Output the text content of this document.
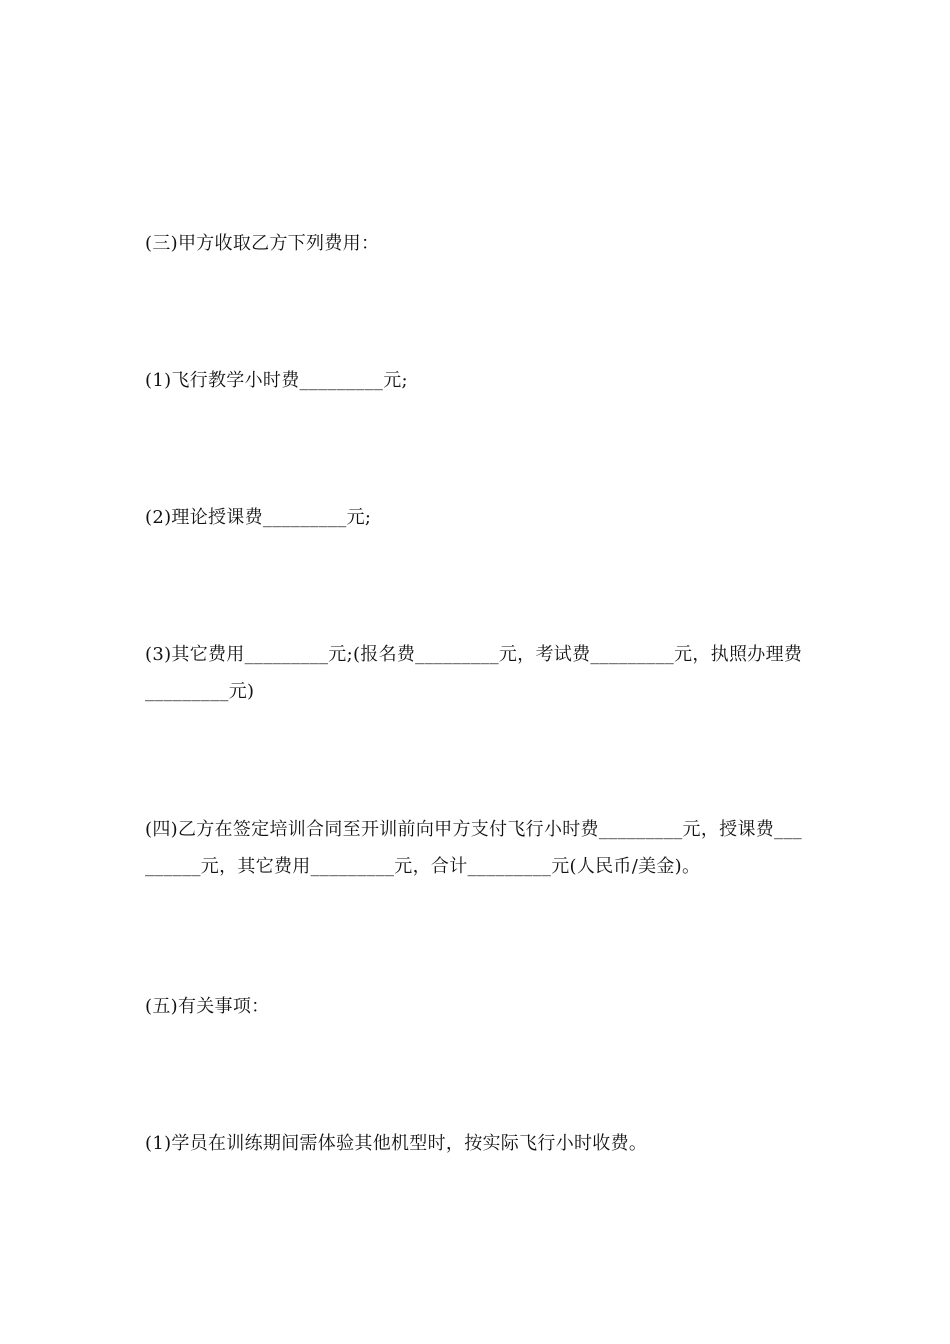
(三)甲方收取乙方下列费用：

(1)飞行教学小时费_________元;

(2)理论授课费_________元;

(3)其它费用_________元;(报名费_________元，考试费_________元，执照办理费_________元)

(四)乙方在签定培训合同至开训前向甲方支付飞行小时费_________元，授课费_________元，其它费用_________元，合计_________元(人民币/美金)。

(五)有关事项：

(1)学员在训练期间需体验其他机型时，按实际飞行小时收费。
